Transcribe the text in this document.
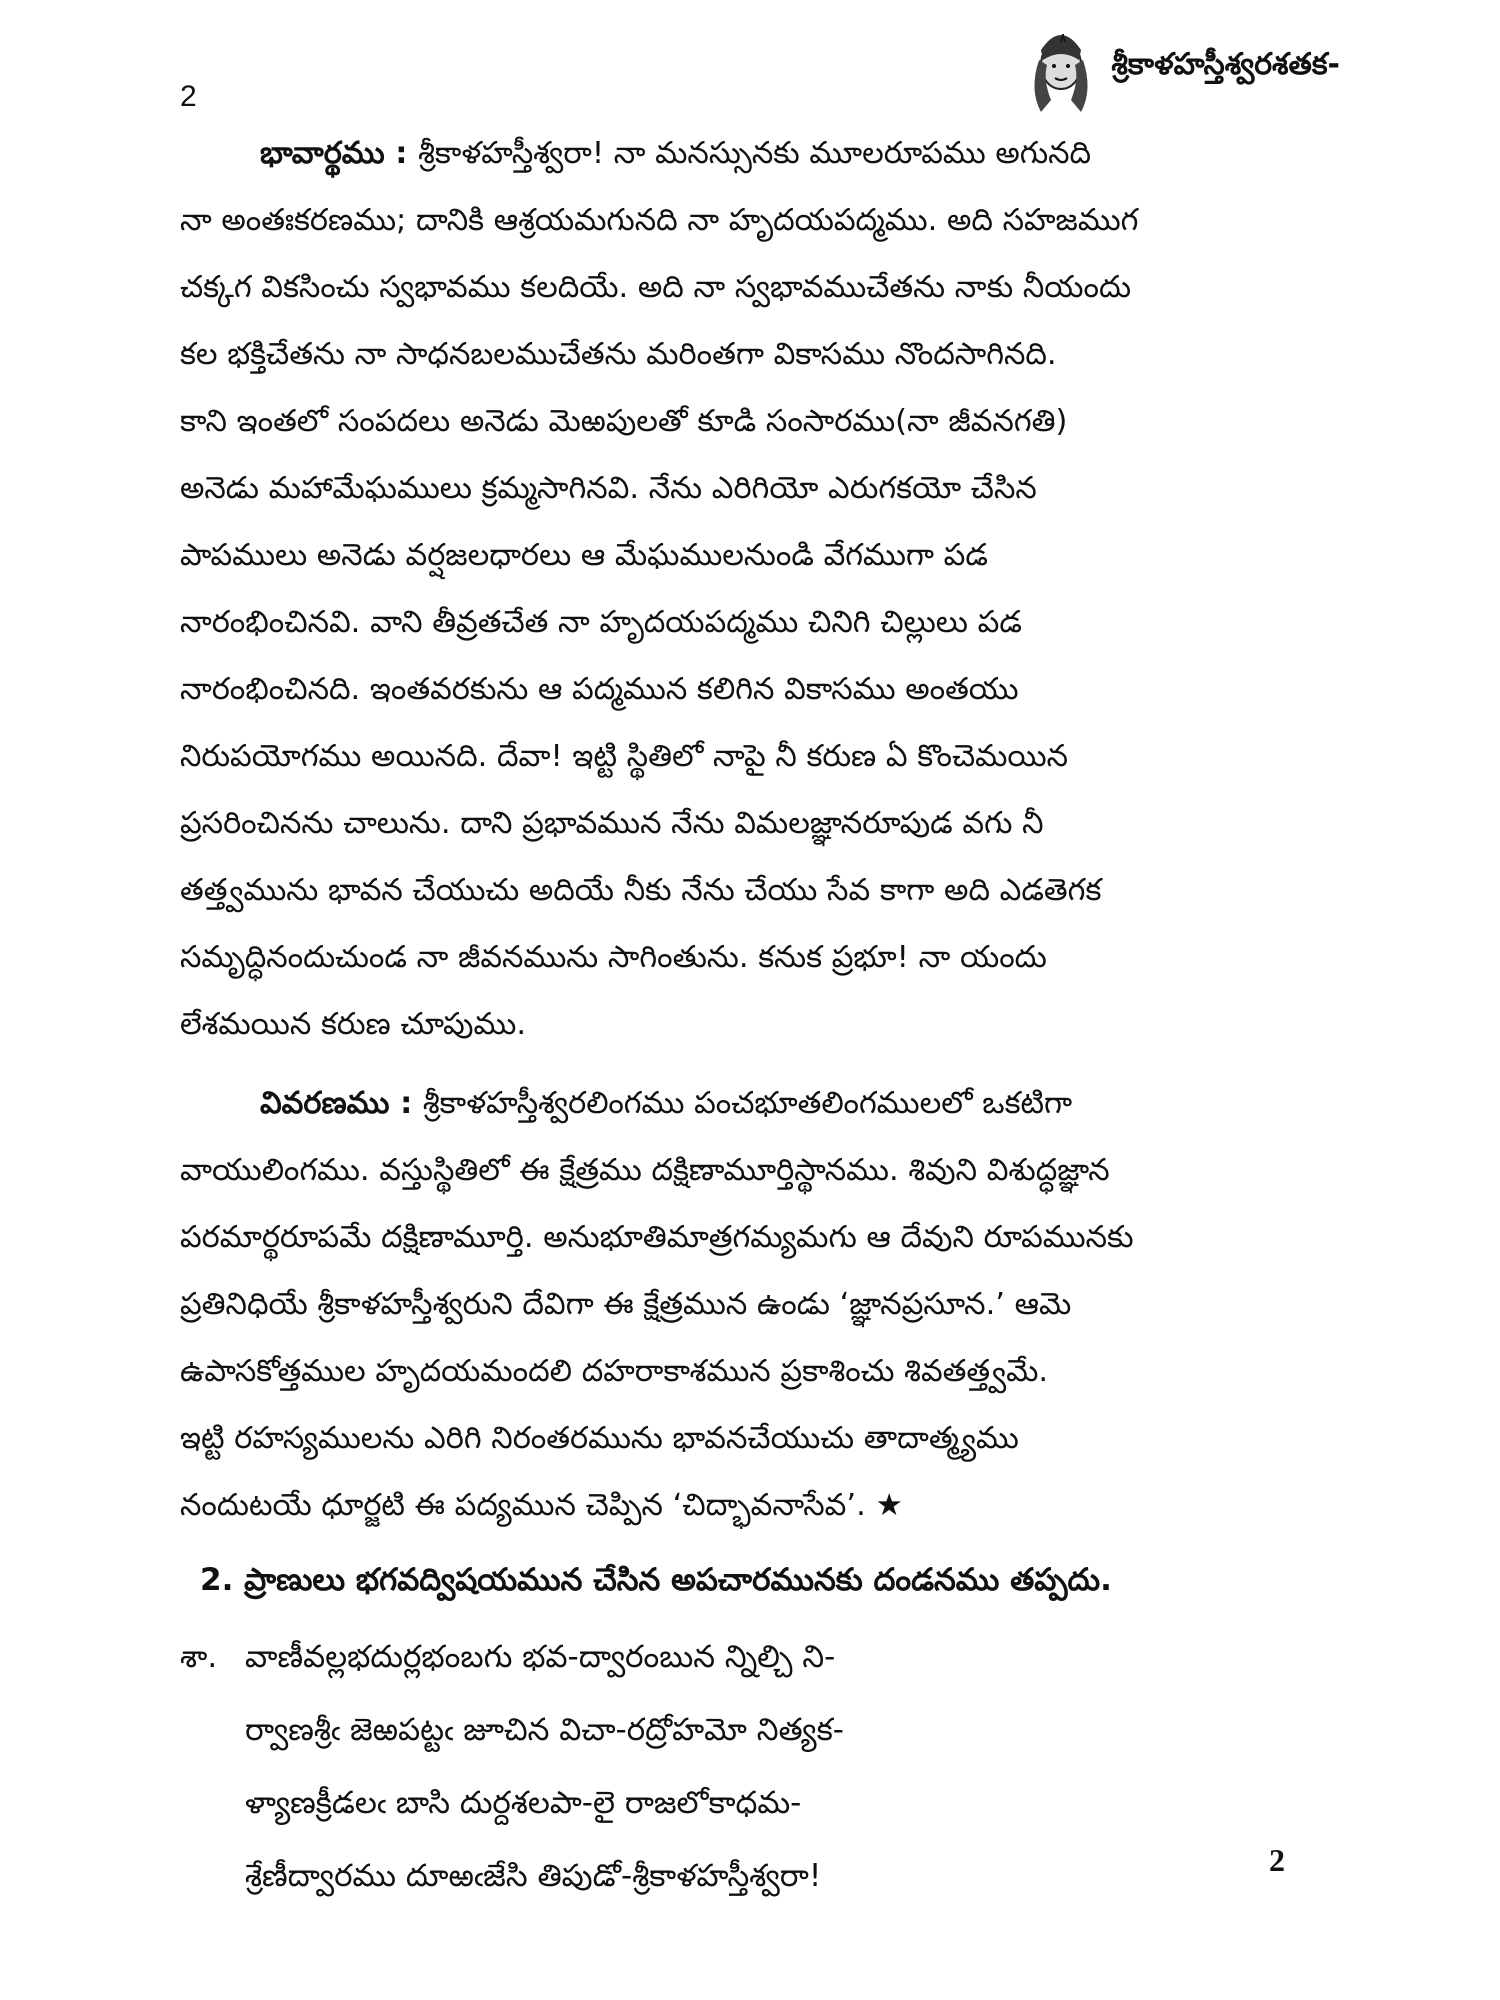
2
శ్రీకాళహస్తీశ్వరశతక-

భావార్థము : శ్రీకాళహస్తీశ్వరా! నా మనస్సునకు మూలరూపము అగునది
నా అంతఃకరణము; దానికి ఆశ్రయమగునది నా హృదయపద్మము. అది సహజముగ
చక్కగ వికసించు స్వభావము కలదియే. అది నా స్వభావముచేతను నాకు నీయందు
కల భక్తిచేతను నా సాధనబలముచేతను మరింతగా వికాసము నొందసాగినది.
కాని ఇంతలో సంపదలు అనెడు మెఱపులతో కూడి సంసారము(నా జీవనగతి)
అనెడు మహామేఘములు క్రమ్మసాగినవి. నేను ఎరిగియో ఎరుగకయో చేసిన
పాపములు అనెడు వర్షజలధారలు ఆ మేఘములనుండి వేగముగా పడ
నారంభించినవి. వాని తీవ్రతచేత నా హృదయపద్మము చినిగి చిల్లులు పడ
నారంభించినది. ఇంతవరకును ఆ పద్మమున కలిగిన వికాసము అంతయు
నిరుపయోగము అయినది. దేవా! ఇట్టి స్థితిలో నాపై నీ కరుణ ఏ కొంచెమయిన
ప్రసరించినను చాలును. దాని ప్రభావమున నేను విమలజ్ఞానరూపుడ వగు నీ
తత్త్వమును భావన చేయుచు అదియే నీకు నేను చేయు సేవ కాగా అది ఎడతెగక
సమృద్ధినందుచుండ నా జీవనమును సాగింతును. కనుక ప్రభూ! నా యందు
లేశమయిన కరుణ చూపుము.

వివరణము : శ్రీకాళహస్తీశ్వరలింగము పంచభూతలింగములలో ఒకటిగా
వాయులింగము. వస్తుస్థితిలో ఈ క్షేత్రము దక్షిణామూర్తిస్థానము. శివుని విశుద్ధజ్ఞాన
పరమార్థరూపమే దక్షిణామూర్తి. అనుభూతిమాత్రగమ్యమగు ఆ దేవుని రూపమునకు
ప్రతినిధియే శ్రీకాళహస్తీశ్వరుని దేవిగా ఈ క్షేత్రమున ఉండు ‘జ్ఞానప్రసూన.’ ఆమె
ఉపాసకోత్తముల హృదయమందలి దహరాకాశమున ప్రకాశించు శివతత్త్వమే.
ఇట్టి రహస్యములను ఎరిగి నిరంతరమును భావనచేయుచు తాదాత్మ్యము
నందుటయే ధూర్జటి ఈ పద్యమున చెప్పిన ‘చిద్భావనాసేవ’. ★

2. ప్రాణులు భగవద్విషయమున చేసిన అపచారమునకు దండనము తప్పదు.

శా. వాణీవల్లభదుర్లభంబగు భవ-ద్వారంబున న్నిల్చి ని-

ర్వాణశ్రీఁ జెఱపట్టఁ జూచిన విచా-రద్రోహమో నిత్యక-

ళ్యాణక్రీడలఁ బాసి దుర్దశలపా-లై రాజలోకాధమ-

శ్రేణీద్వారము దూఱఁజేసి తిపుడో-శ్రీకాళహస్తీశ్వరా!	2
